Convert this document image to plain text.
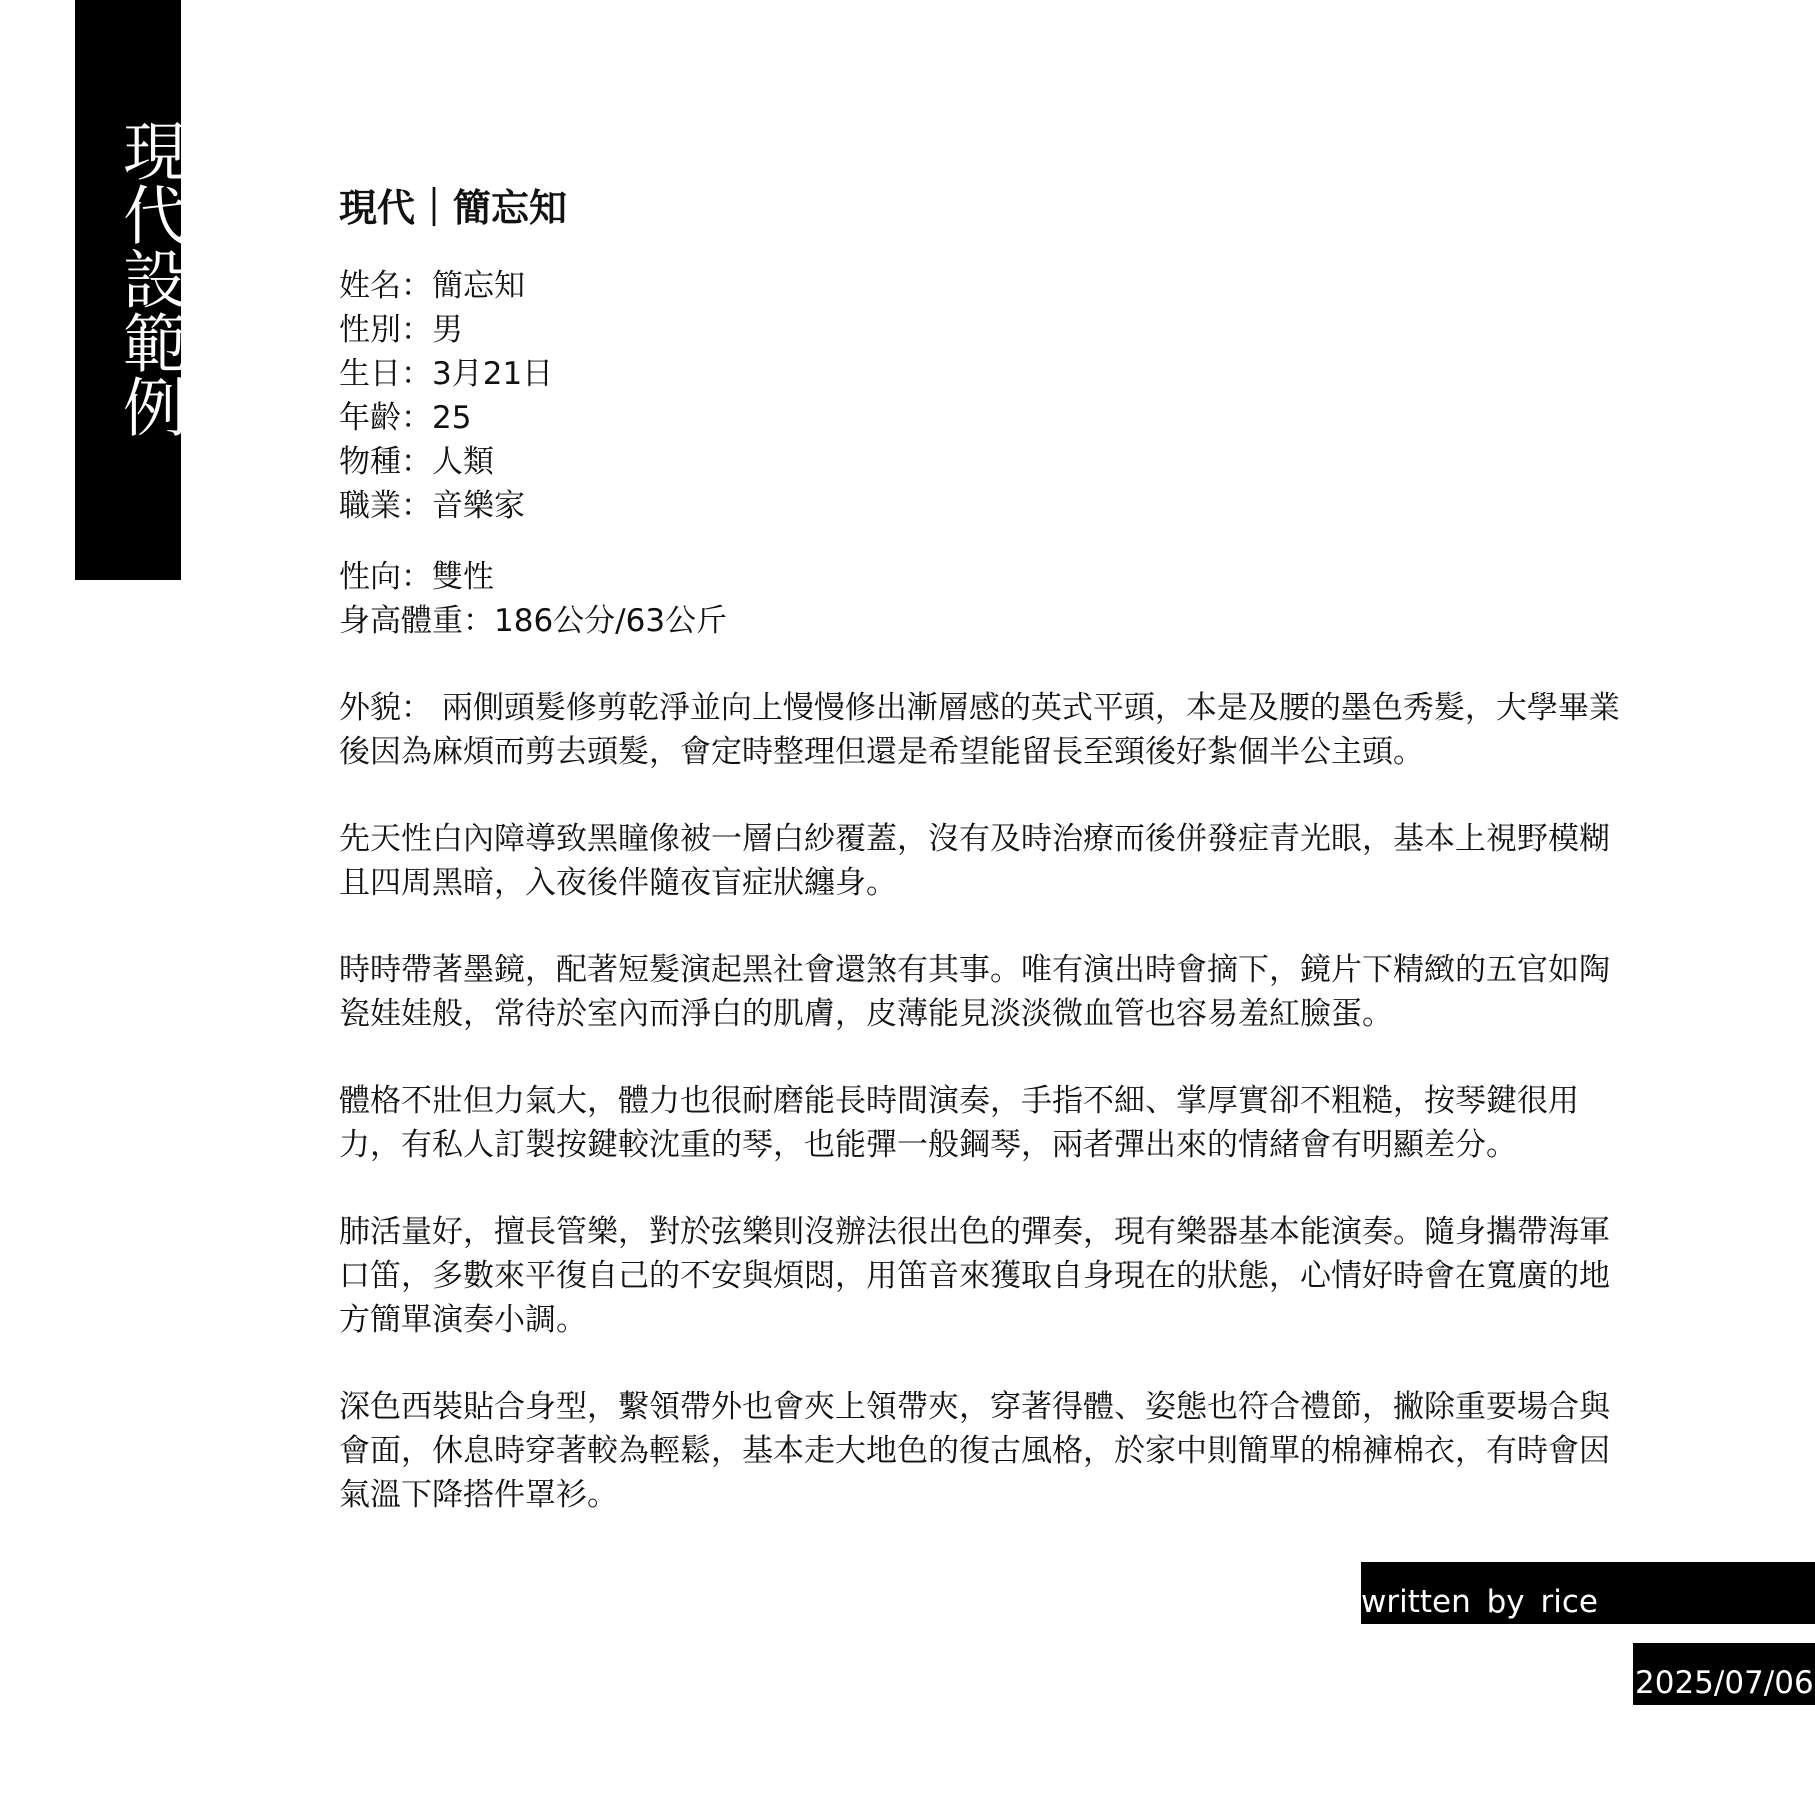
現代設範例	現代｜簡忘知
姓名：簡忘知
性別：男
生日：3月21日
年齡：25
物種：人類
職業：音樂家
性向：雙性
身高體重：186公分/63公斤

外貌： 兩側頭髮修剪乾淨並向上慢慢修出漸層感的英式平頭，本是及腰的墨色秀髮，大學畢業後因為麻煩而剪去頭髮，會定時整理但還是希望能留長至頸後好紮個半公主頭。

先天性白內障導致黑瞳像被一層白紗覆蓋，沒有及時治療而後併發症青光眼，基本上視野模糊且四周黑暗，入夜後伴隨夜盲症狀纏身。

時時帶著墨鏡，配著短髮演起黑社會還煞有其事。唯有演出時會摘下，鏡片下精緻的五官如陶瓷娃娃般，常待於室內而淨白的肌膚，皮薄能見淡淡微血管也容易羞紅臉蛋。

體格不壯但力氣大，體力也很耐磨能長時間演奏，手指不細、掌厚實卻不粗糙，按琴鍵很用力，有私人訂製按鍵較沈重的琴，也能彈一般鋼琴，兩者彈出來的情緒會有明顯差分。

肺活量好，擅長管樂，對於弦樂則沒辦法很出色的彈奏，現有樂器基本能演奏。隨身攜帶海軍口笛，多數來平復自己的不安與煩悶，用笛音來獲取自身現在的狀態，心情好時會在寬廣的地方簡單演奏小調。

深色西裝貼合身型，繫領帶外也會夾上領帶夾，穿著得體、姿態也符合禮節，撇除重要場合與會面，休息時穿著較為輕鬆，基本走大地色的復古風格，於家中則簡單的棉褲棉衣，有時會因氣溫下降搭件罩衫。

written by rice
2025/07/06
